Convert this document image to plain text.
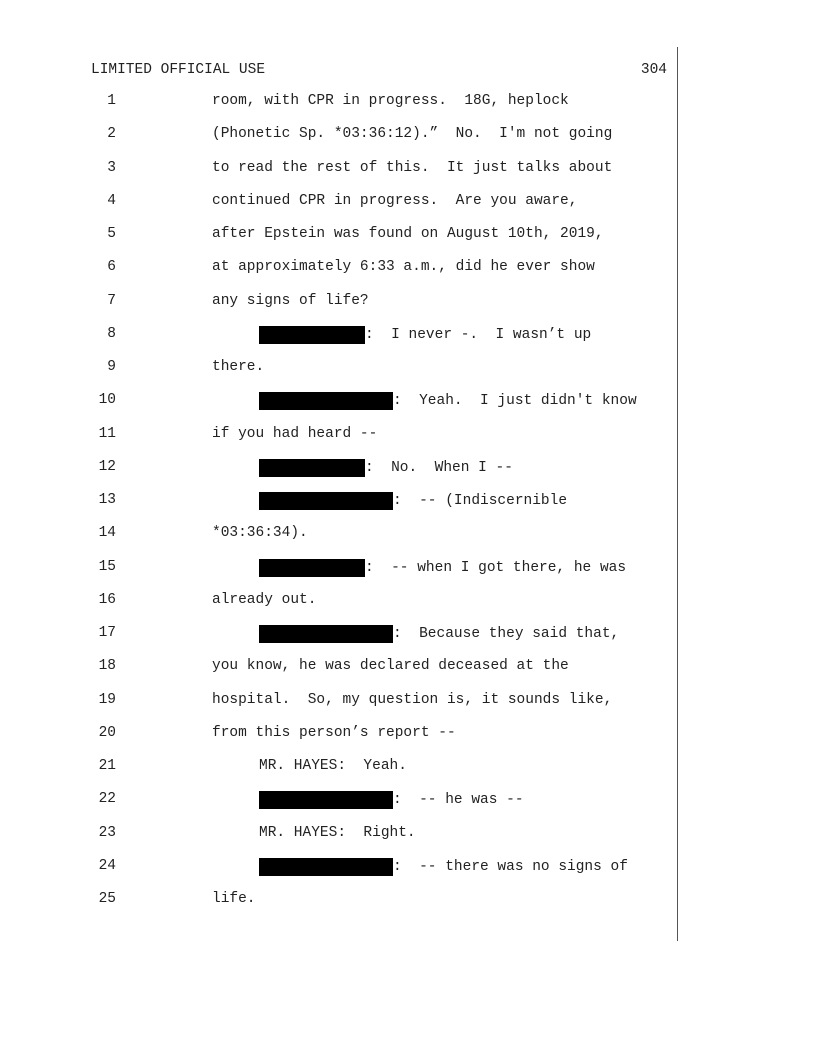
LIMITED OFFICIAL USE	304
1	room, with CPR in progress.  18G, heplock
2	(Phonetic Sp. *03:36:12).”  No.  I'm not going
3	to read the rest of this.  It just talks about
4	continued CPR in progress.  Are you aware,
5	after Epstein was found on August 10th, 2019,
6	at approximately 6:33 a.m., did he ever show
7	any signs of life?
8	:  I never -.  I wasn’t up
9	there.
10	:  Yeah.  I just didn't know
11	if you had heard --
12	:  No.  When I --
13	:  -- (Indiscernible
14	*03:36:34).
15	:  -- when I got there, he was
16	already out.
17	:  Because they said that,
18	you know, he was declared deceased at the
19	hospital.  So, my question is, it sounds like,
20	from this person’s report --
21	MR. HAYES:  Yeah.
22	:  -- he was --
23	MR. HAYES:  Right.
24	:  -- there was no signs of
25	life.
